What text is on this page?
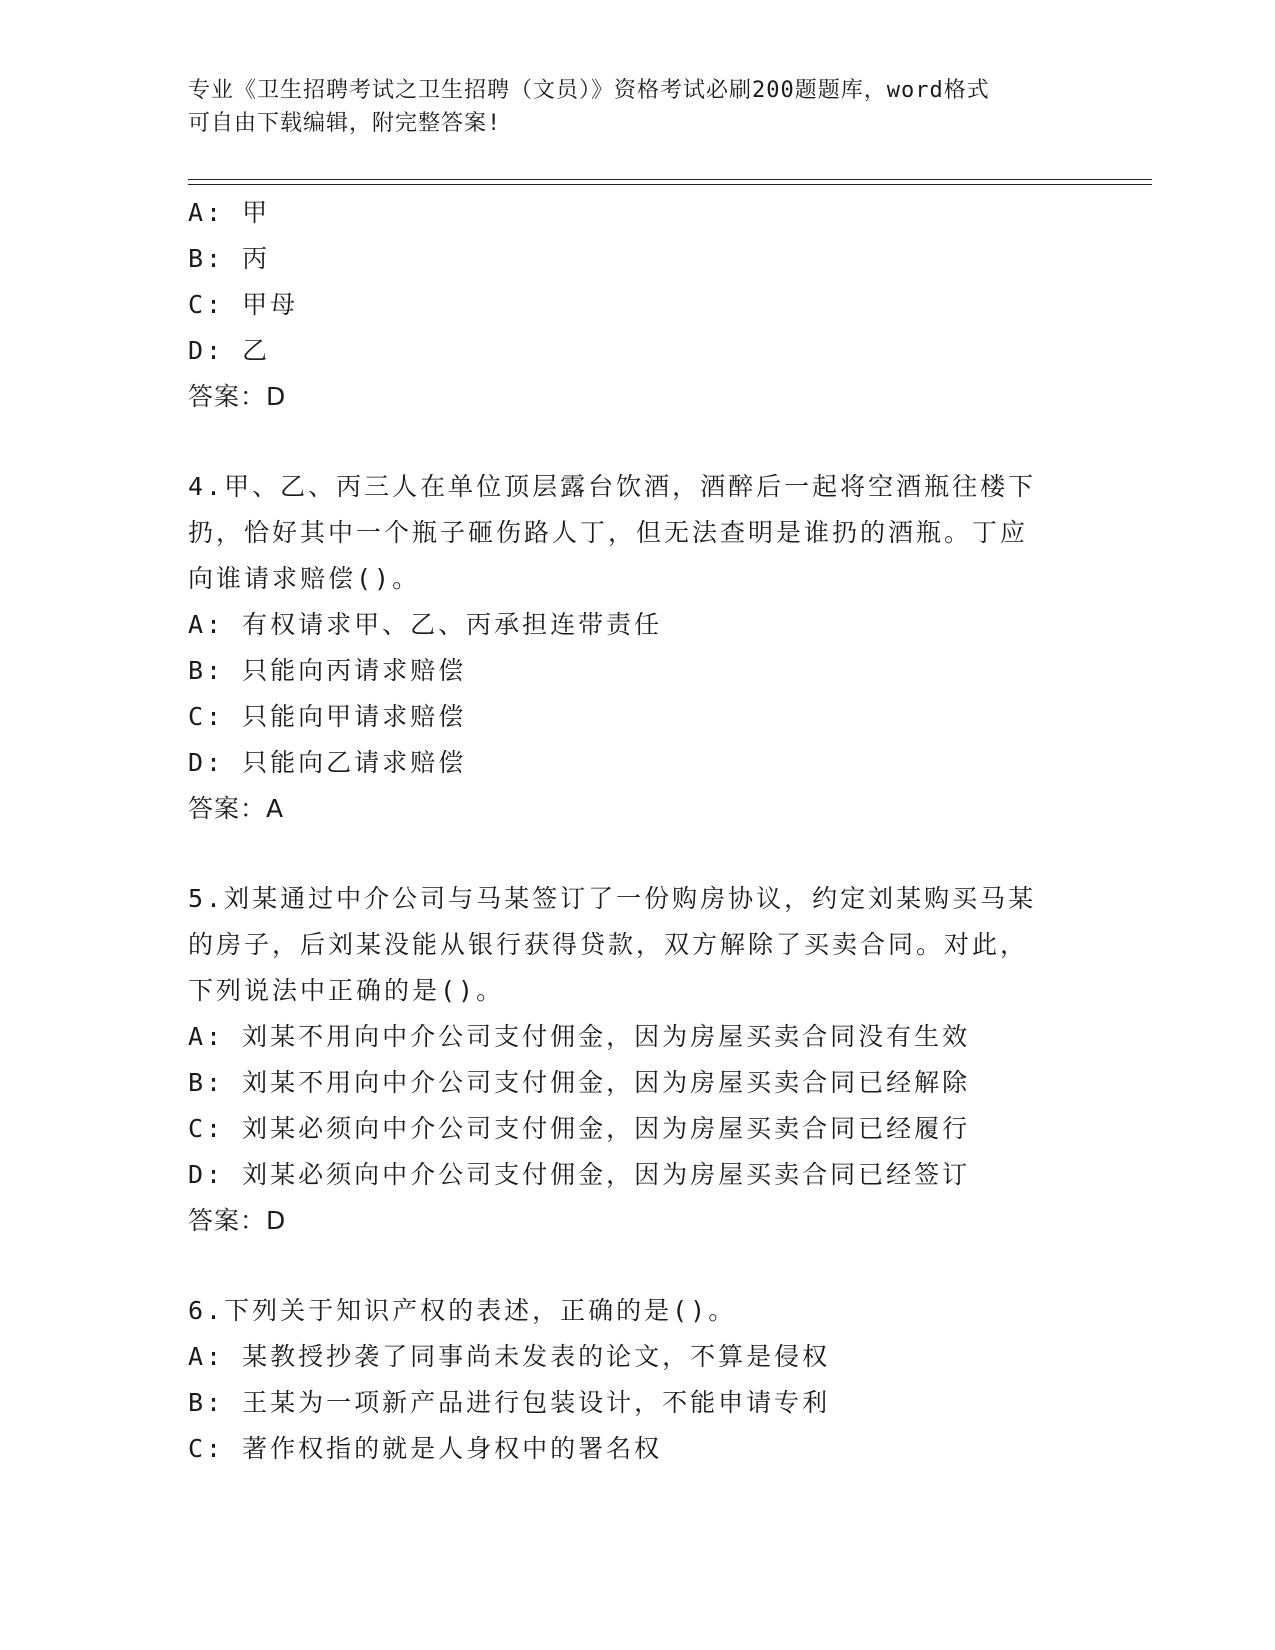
专业《卫生招聘考试之卫生招聘（文员）》资格考试必刷200题题库，word格式
可自由下载编辑，附完整答案!
A: 甲
B: 丙
C: 甲母
D: 乙
答案：D
4.甲、乙、丙三人在单位顶层露台饮酒，酒醉后一起将空酒瓶往楼下
扔，恰好其中一个瓶子砸伤路人丁，但无法查明是谁扔的酒瓶。丁应
向谁请求赔偿()。
A: 有权请求甲、乙、丙承担连带责任
B: 只能向丙请求赔偿
C: 只能向甲请求赔偿
D: 只能向乙请求赔偿
答案：A
5.刘某通过中介公司与马某签订了一份购房协议，约定刘某购买马某
的房子，后刘某没能从银行获得贷款，双方解除了买卖合同。对此，
下列说法中正确的是()。
A: 刘某不用向中介公司支付佣金，因为房屋买卖合同没有生效
B: 刘某不用向中介公司支付佣金，因为房屋买卖合同已经解除
C: 刘某必须向中介公司支付佣金，因为房屋买卖合同已经履行
D: 刘某必须向中介公司支付佣金，因为房屋买卖合同已经签订
答案：D
6.下列关于知识产权的表述，正确的是()。
A: 某教授抄袭了同事尚未发表的论文，不算是侵权
B: 王某为一项新产品进行包装设计，不能申请专利
C: 著作权指的就是人身权中的署名权
